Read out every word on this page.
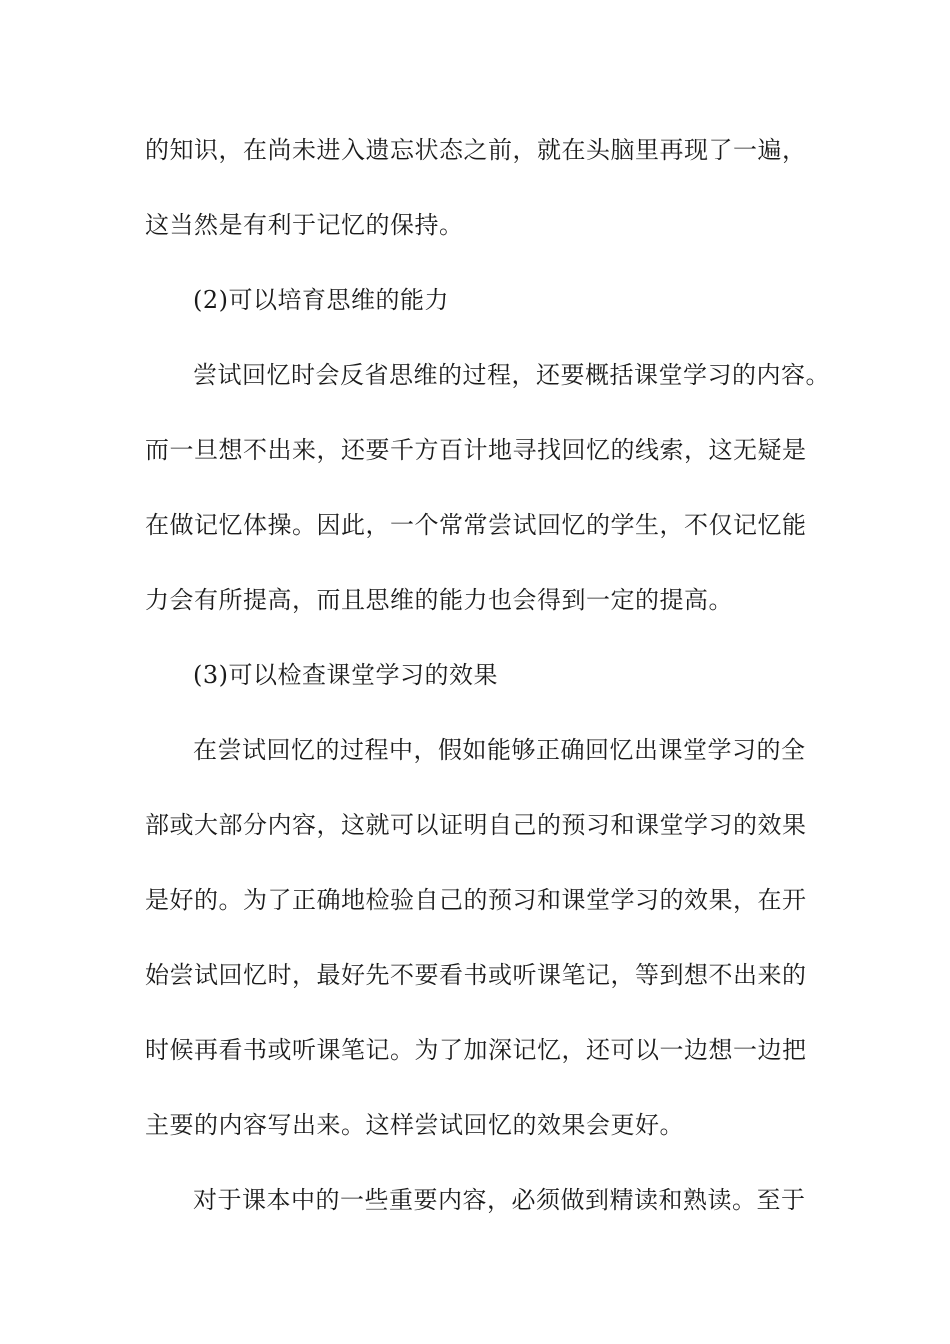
的知识，在尚未进入遗忘状态之前，就在头脑里再现了一遍，
这当然是有利于记忆的保持。
(2)可以培育思维的能力
尝试回忆时会反省思维的过程，还要概括课堂学习的内容。
而一旦想不出来，还要千方百计地寻找回忆的线索，这无疑是
在做记忆体操。因此，一个常常尝试回忆的学生，不仅记忆能
力会有所提高，而且思维的能力也会得到一定的提高。
(3)可以检查课堂学习的效果
在尝试回忆的过程中，假如能够正确回忆出课堂学习的全
部或大部分内容，这就可以证明自己的预习和课堂学习的效果
是好的。为了正确地检验自己的预习和课堂学习的效果，在开
始尝试回忆时，最好先不要看书或听课笔记，等到想不出来的
时候再看书或听课笔记。为了加深记忆，还可以一边想一边把
主要的内容写出来。这样尝试回忆的效果会更好。
对于课本中的一些重要内容，必须做到精读和熟读。至于
